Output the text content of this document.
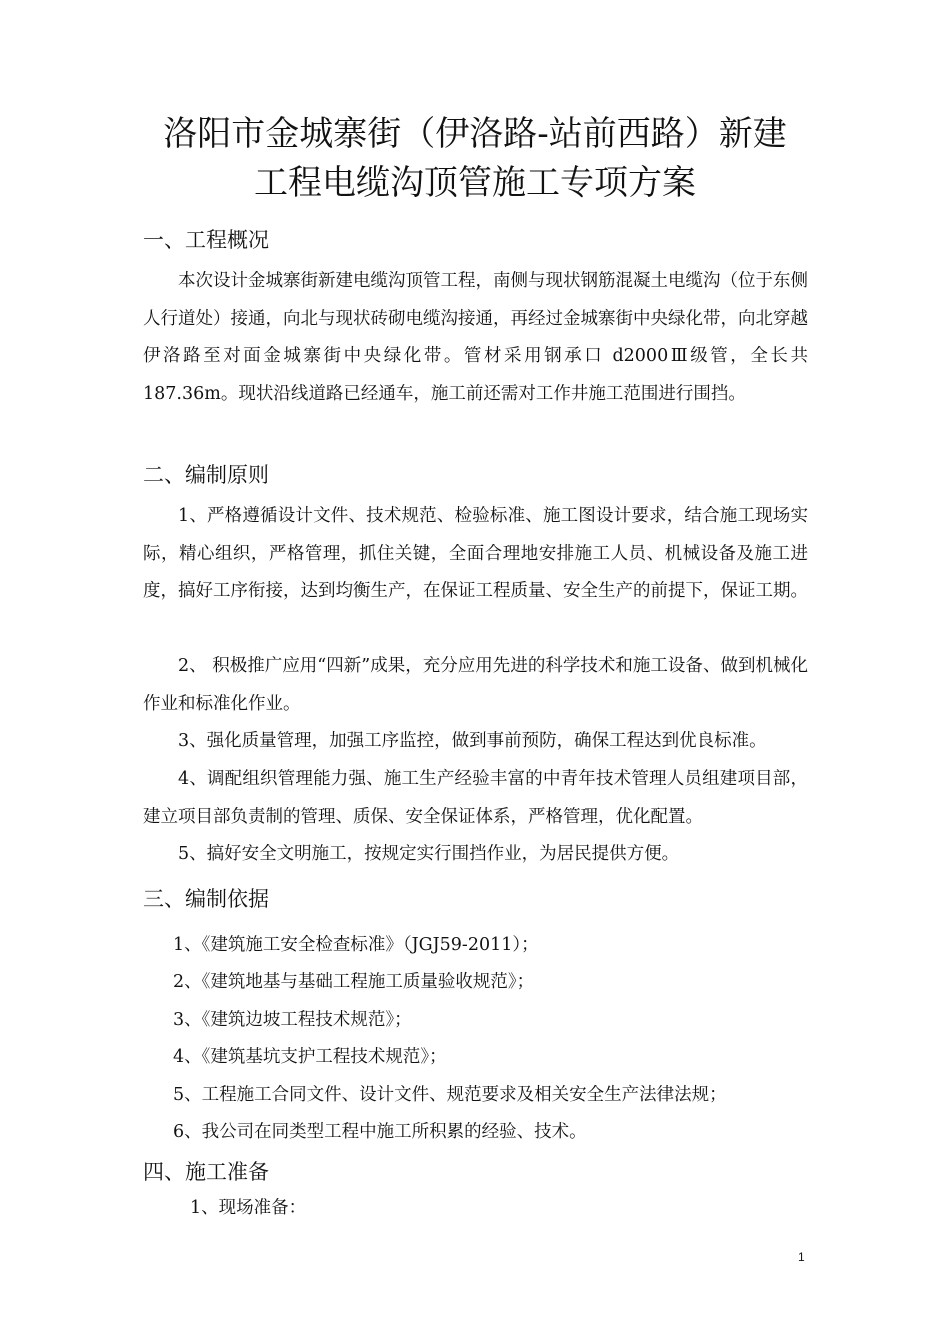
洛阳市金城寨街（伊洛路-站前西路）新建
工程电缆沟顶管施工专项方案
一、工程概况
本次设计金城寨街新建电缆沟顶管工程，南侧与现状钢筋混凝土电缆沟（位于东侧人行道处）接通，向北与现状砖砌电缆沟接通，再经过金城寨街中央绿化带，向北穿越伊洛路至对面金城寨街中央绿化带。管材采用钢承口 d2000Ⅲ级管，全长共 187.36m。现状沿线道路已经通车，施工前还需对工作井施工范围进行围挡。
二、编制原则
1、严格遵循设计文件、技术规范、检验标准、施工图设计要求，结合施工现场实际，精心组织，严格管理，抓住关键，全面合理地安排施工人员、机械设备及施工进度，搞好工序衔接，达到均衡生产，在保证工程质量、安全生产的前提下，保证工期。
2、 积极推广应用“四新”成果，充分应用先进的科学技术和施工设备、做到机械化作业和标准化作业。
3、强化质量管理，加强工序监控，做到事前预防，确保工程达到优良标准。
4、调配组织管理能力强、施工生产经验丰富的中青年技术管理人员组建项目部，建立项目部负责制的管理、质保、安全保证体系，严格管理，优化配置。
5、搞好安全文明施工，按规定实行围挡作业，为居民提供方便。
三、编制依据
1、《建筑施工安全检查标准》（JGJ59-2011）；
2、《建筑地基与基础工程施工质量验收规范》；
3、《建筑边坡工程技术规范》；
4、《建筑基坑支护工程技术规范》；
5、工程施工合同文件、设计文件、规范要求及相关安全生产法律法规；
6、我公司在同类型工程中施工所积累的经验、技术。
四、施工准备
1、现场准备：
1
